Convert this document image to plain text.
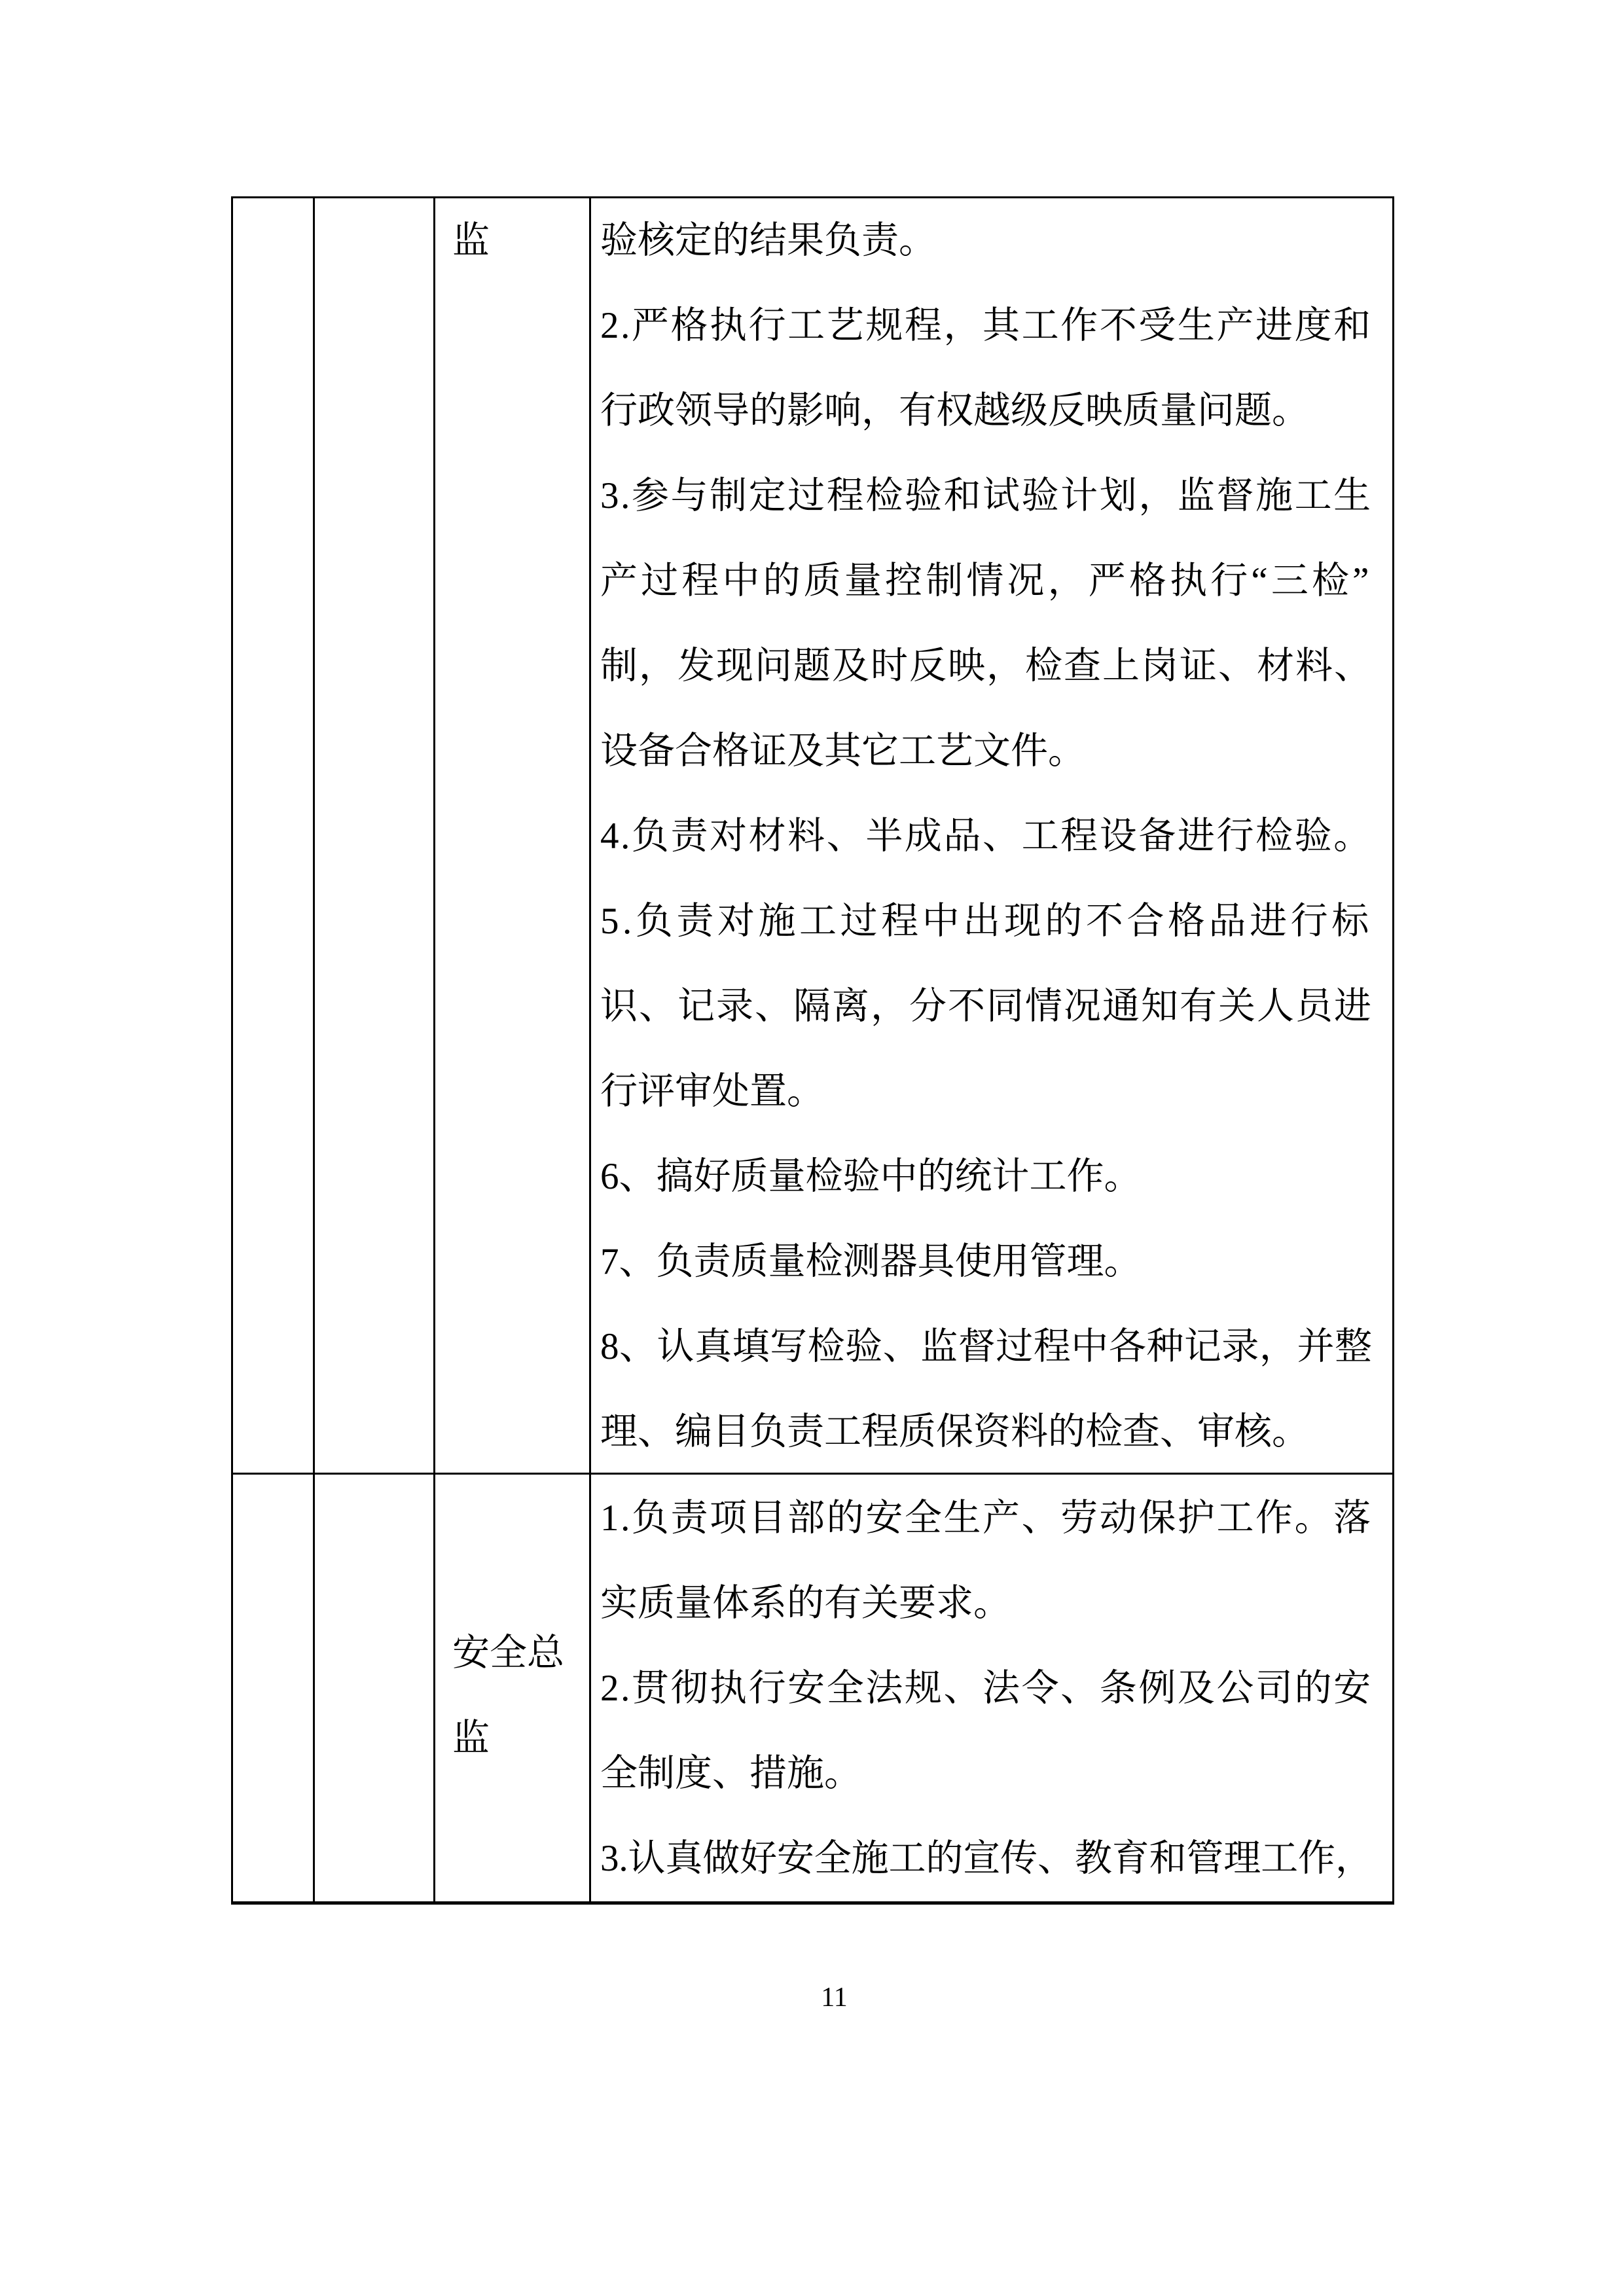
监	验核定的结果负责。
2.严格执行工艺规程，其工作不受生产进度和
行政领导的影响，有权越级反映质量问题。
3.参与制定过程检验和试验计划，监督施工生
产过程中的质量控制情况，严格执行“三检”
制，发现问题及时反映，检查上岗证、材料、
设备合格证及其它工艺文件。
4.负责对材料、半成品、工程设备进行检验。
5.负责对施工过程中出现的不合格品进行标
识、记录、隔离，分不同情况通知有关人员进
行评审处置。
6、搞好质量检验中的统计工作。
7、负责质量检测器具使用管理。
8、认真填写检验、监督过程中各种记录，并整
理、编目负责工程质保资料的检查、审核。
安全总
监
1.负责项目部的安全生产、劳动保护工作。落
实质量体系的有关要求。
2.贯彻执行安全法规、法令、条例及公司的安
全制度、措施。
3.认真做好安全施工的宣传、教育和管理工作，
11
